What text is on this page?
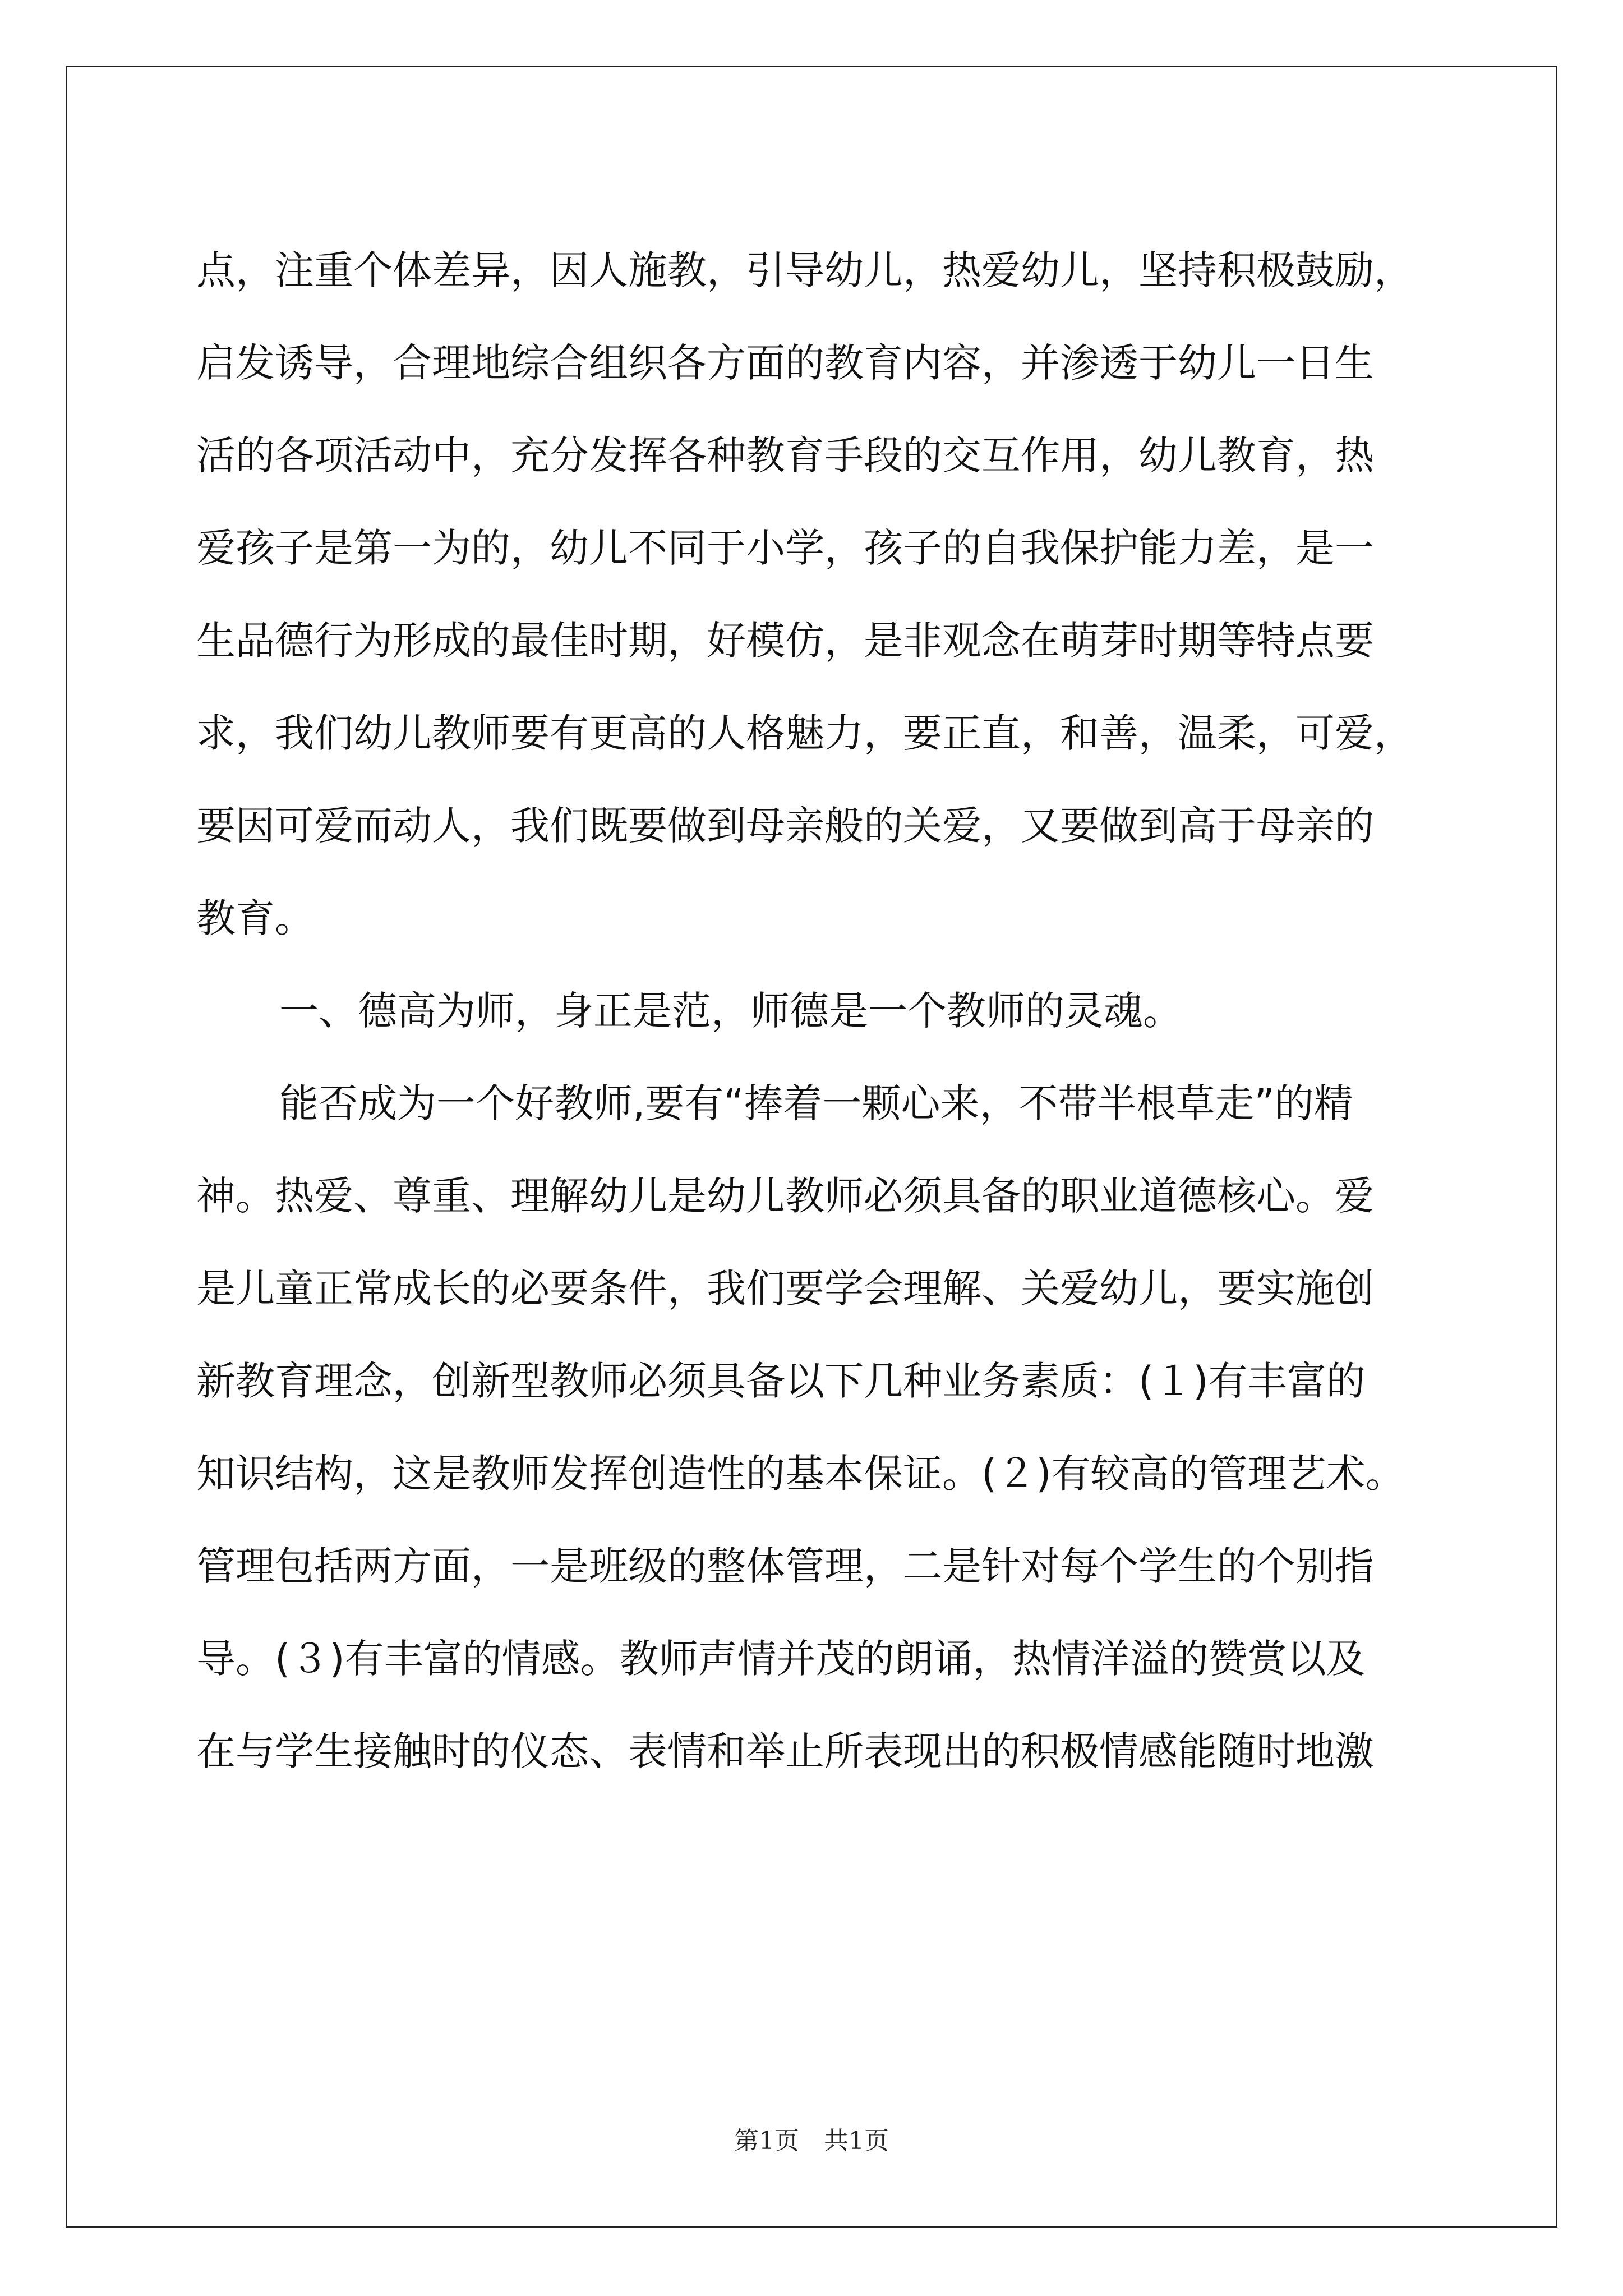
点，注重个体差异，因人施教，引导幼儿，热爱幼儿，坚持积极鼓励，
启发诱导，合理地综合组织各方面的教育内容，并渗透于幼儿一日生
活的各项活动中，充分发挥各种教育手段的交互作用，幼儿教育，热
爱孩子是第一为的，幼儿不同于小学，孩子的自我保护能力差，是一
生品德行为形成的最佳时期，好模仿，是非观念在萌芽时期等特点要
求，我们幼儿教师要有更高的人格魅力，要正直，和善，温柔，可爱，
要因可爱而动人，我们既要做到母亲般的关爱，又要做到高于母亲的
教育。
一、德高为师，身正是范，师德是一个教师的灵魂。
能否成为一个好教师,要有“捧着一颗心来，不带半根草走”的精
神。热爱、尊重、理解幼儿是幼儿教师必须具备的职业道德核心。爱
是儿童正常成长的必要条件，我们要学会理解、关爱幼儿，要实施创
新教育理念，创新型教师必须具备以下几种业务素质：(１)有丰富的
知识结构，这是教师发挥创造性的基本保证。(２)有较高的管理艺术。
管理包括两方面，一是班级的整体管理，二是针对每个学生的个别指
导。(３)有丰富的情感。教师声情并茂的朗诵，热情洋溢的赞赏以及
在与学生接触时的仪态、表情和举止所表现出的积极情感能随时地激
第1页　共1页
